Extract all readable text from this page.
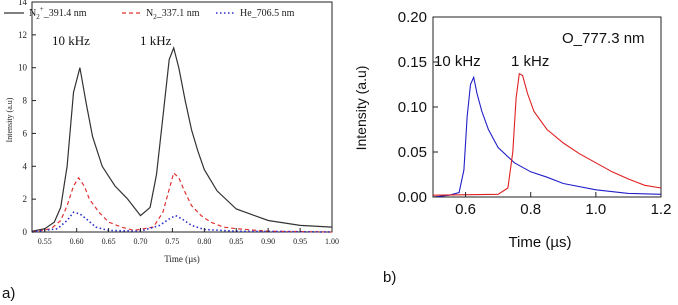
0.55 0.60 0.65 0.70 0.75 0.80 0.85 0.90 0.95 1.00
0
2
4
6
8
10
12
14
$N_2^+\_391.4$ nm	$N_2\_337.1$ nm	He_706.5 nm
10 kHz	1 kHz
Intensity (a.u)
Time (µs)
0.6	0.8	1.0	1.2
0.00
0.05
0.10
0.15
0.20
O_777.3 nm
10 kHz 1 kHz
Intensity (a.u)
Time (µs)
a)
b)
